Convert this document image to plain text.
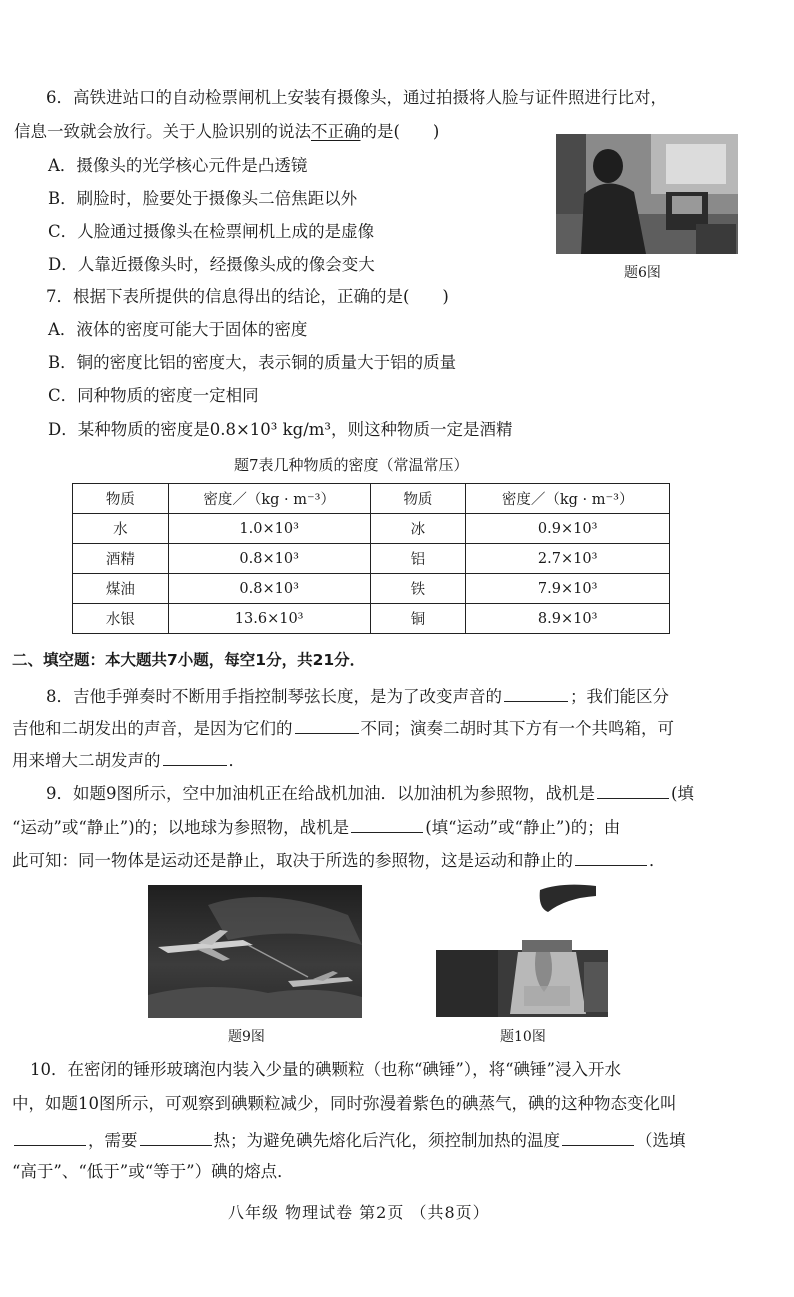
6．高铁进站口的自动检票闸机上安装有摄像头，通过拍摄将人脸与证件照进行比对，
信息一致就会放行。关于人脸识别的说法不正确的是(　　)
A．摄像头的光学核心元件是凸透镜
B．刷脸时，脸要处于摄像头二倍焦距以外
C．人脸通过摄像头在检票闸机上成的是虚像
D．人靠近摄像头时，经摄像头成的像会变大	题6图
7．根据下表所提供的信息得出的结论，正确的是(　　)
A．液体的密度可能大于固体的密度
B．铜的密度比铝的密度大，表示铜的质量大于铝的质量
C．同种物质的密度一定相同
D．某种物质的密度是0.8×10³ kg/m³，则这种物质一定是酒精
题7表几种物质的密度（常温常压）
物质	密度／（kg · m⁻³）	物质	密度／（kg · m⁻³）
水	1.0×10³	冰	0.9×10³
酒精	0.8×10³	铝	2.7×10³
煤油	0.8×10³	铁	7.9×10³
水银	13.6×10³	铜	8.9×10³
二、填空题：本大题共7小题，每空1分，共21分．
8．吉他手弹奏时不断用手指控制琴弦长度，是为了改变声音的	；我们能区分
吉他和二胡发出的声音，是因为它们的	不同；演奏二胡时其下方有一个共鸣箱，可
用来增大二胡发声的	．
9．如题9图所示，空中加油机正在给战机加油．以加油机为参照物，战机是	(填
“运动”或“静止”)的；以地球为参照物，战机是	(填“运动”或“静止”)的；由
此可知：同一物体是运动还是静止，取决于所选的参照物，这是运动和静止的	．
题9图	题10图
10．在密闭的锤形玻璃泡内装入少量的碘颗粒（也称“碘锤”），将“碘锤”浸入开水
中，如题10图所示，可观察到碘颗粒减少，同时弥漫着紫色的碘蒸气，碘的这种物态变化叫
，需要	热；为避免碘先熔化后汽化，须控制加热的温度	（选填
“高于”、“低于”或“等于”）碘的熔点．
八年级 物理试卷 第2页 （共8页）
